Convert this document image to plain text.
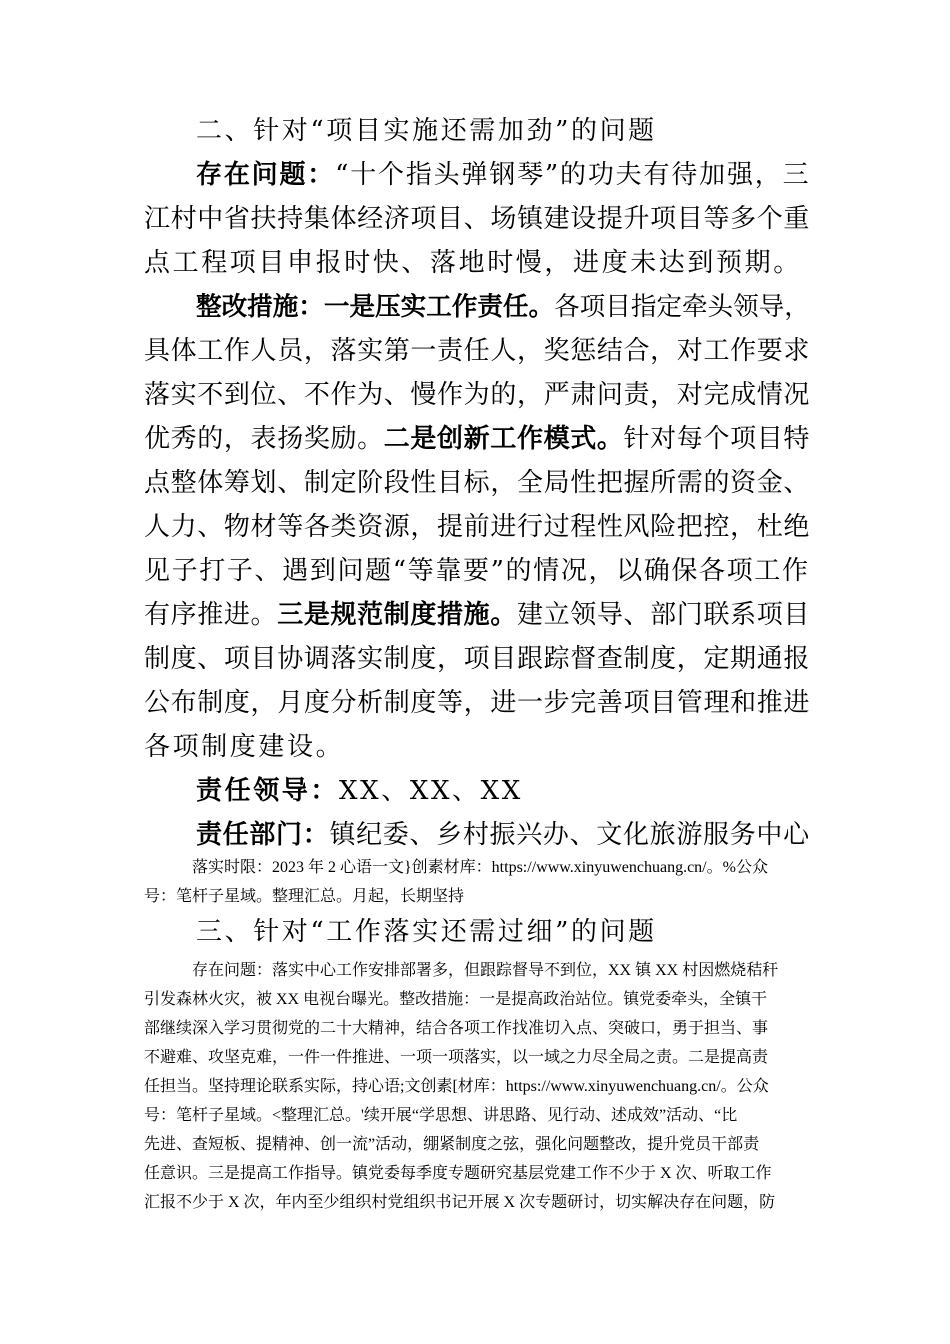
二、针对“项目实施还需加劲”的问题
存在问题：“十个指头弹钢琴”的功夫有待加强，三
江村中省扶持集体经济项目、场镇建设提升项目等多个重
点工程项目申报时快、落地时慢，进度未达到预期。
整改措施：一是压实工作责任。各项目指定牵头领导，
具体工作人员，落实第一责任人，奖惩结合，对工作要求
落实不到位、不作为、慢作为的，严肃问责，对完成情况
优秀的，表扬奖励。二是创新工作模式。针对每个项目特
点整体筹划、制定阶段性目标，全局性把握所需的资金、
人力、物材等各类资源，提前进行过程性风险把控，杜绝
见子打子、遇到问题“等靠要”的情况，以确保各项工作
有序推进。三是规范制度措施。建立领导、部门联系项目
制度、项目协调落实制度，项目跟踪督查制度，定期通报
公布制度，月度分析制度等，进一步完善项目管理和推进
各项制度建设。
责任领导：XX、XX、XX
责任部门：镇纪委、乡村振兴办、文化旅游服务中心
落实时限：2023 年 2 心语一文}创素材库：https://www.xinyuwenchuang.cn/。%公众
号：笔杆子星域。整理汇总。月起，长期坚持
三、针对“工作落实还需过细”的问题
存在问题：落实中心工作安排部署多，但跟踪督导不到位，XX 镇 XX 村因燃烧秸秆
引发森林火灾，被 XX 电视台曝光。整改措施：一是提高政治站位。镇党委牵头，全镇干
部继续深入学习贯彻党的二十大精神，结合各项工作找准切入点、突破口，勇于担当、事
不避难、攻坚克难，一件一件推进、一项一项落实，以一域之力尽全局之责。二是提高责
任担当。坚持理论联系实际，持心语;文创素[材库：https://www.xinyuwenchuang.cn/。公众
号：笔杆子星域。<整理汇总。'续开展“学思想、讲思路、见行动、述成效”活动、“比
先进、查短板、提精神、创一流”活动，绷紧制度之弦，强化问题整改，提升党员干部责
任意识。三是提高工作指导。镇党委每季度专题研究基层党建工作不少于 X 次、听取工作
汇报不少于 X 次，年内至少组织村党组织书记开展 X 次专题研讨，切实解决存在问题，防
